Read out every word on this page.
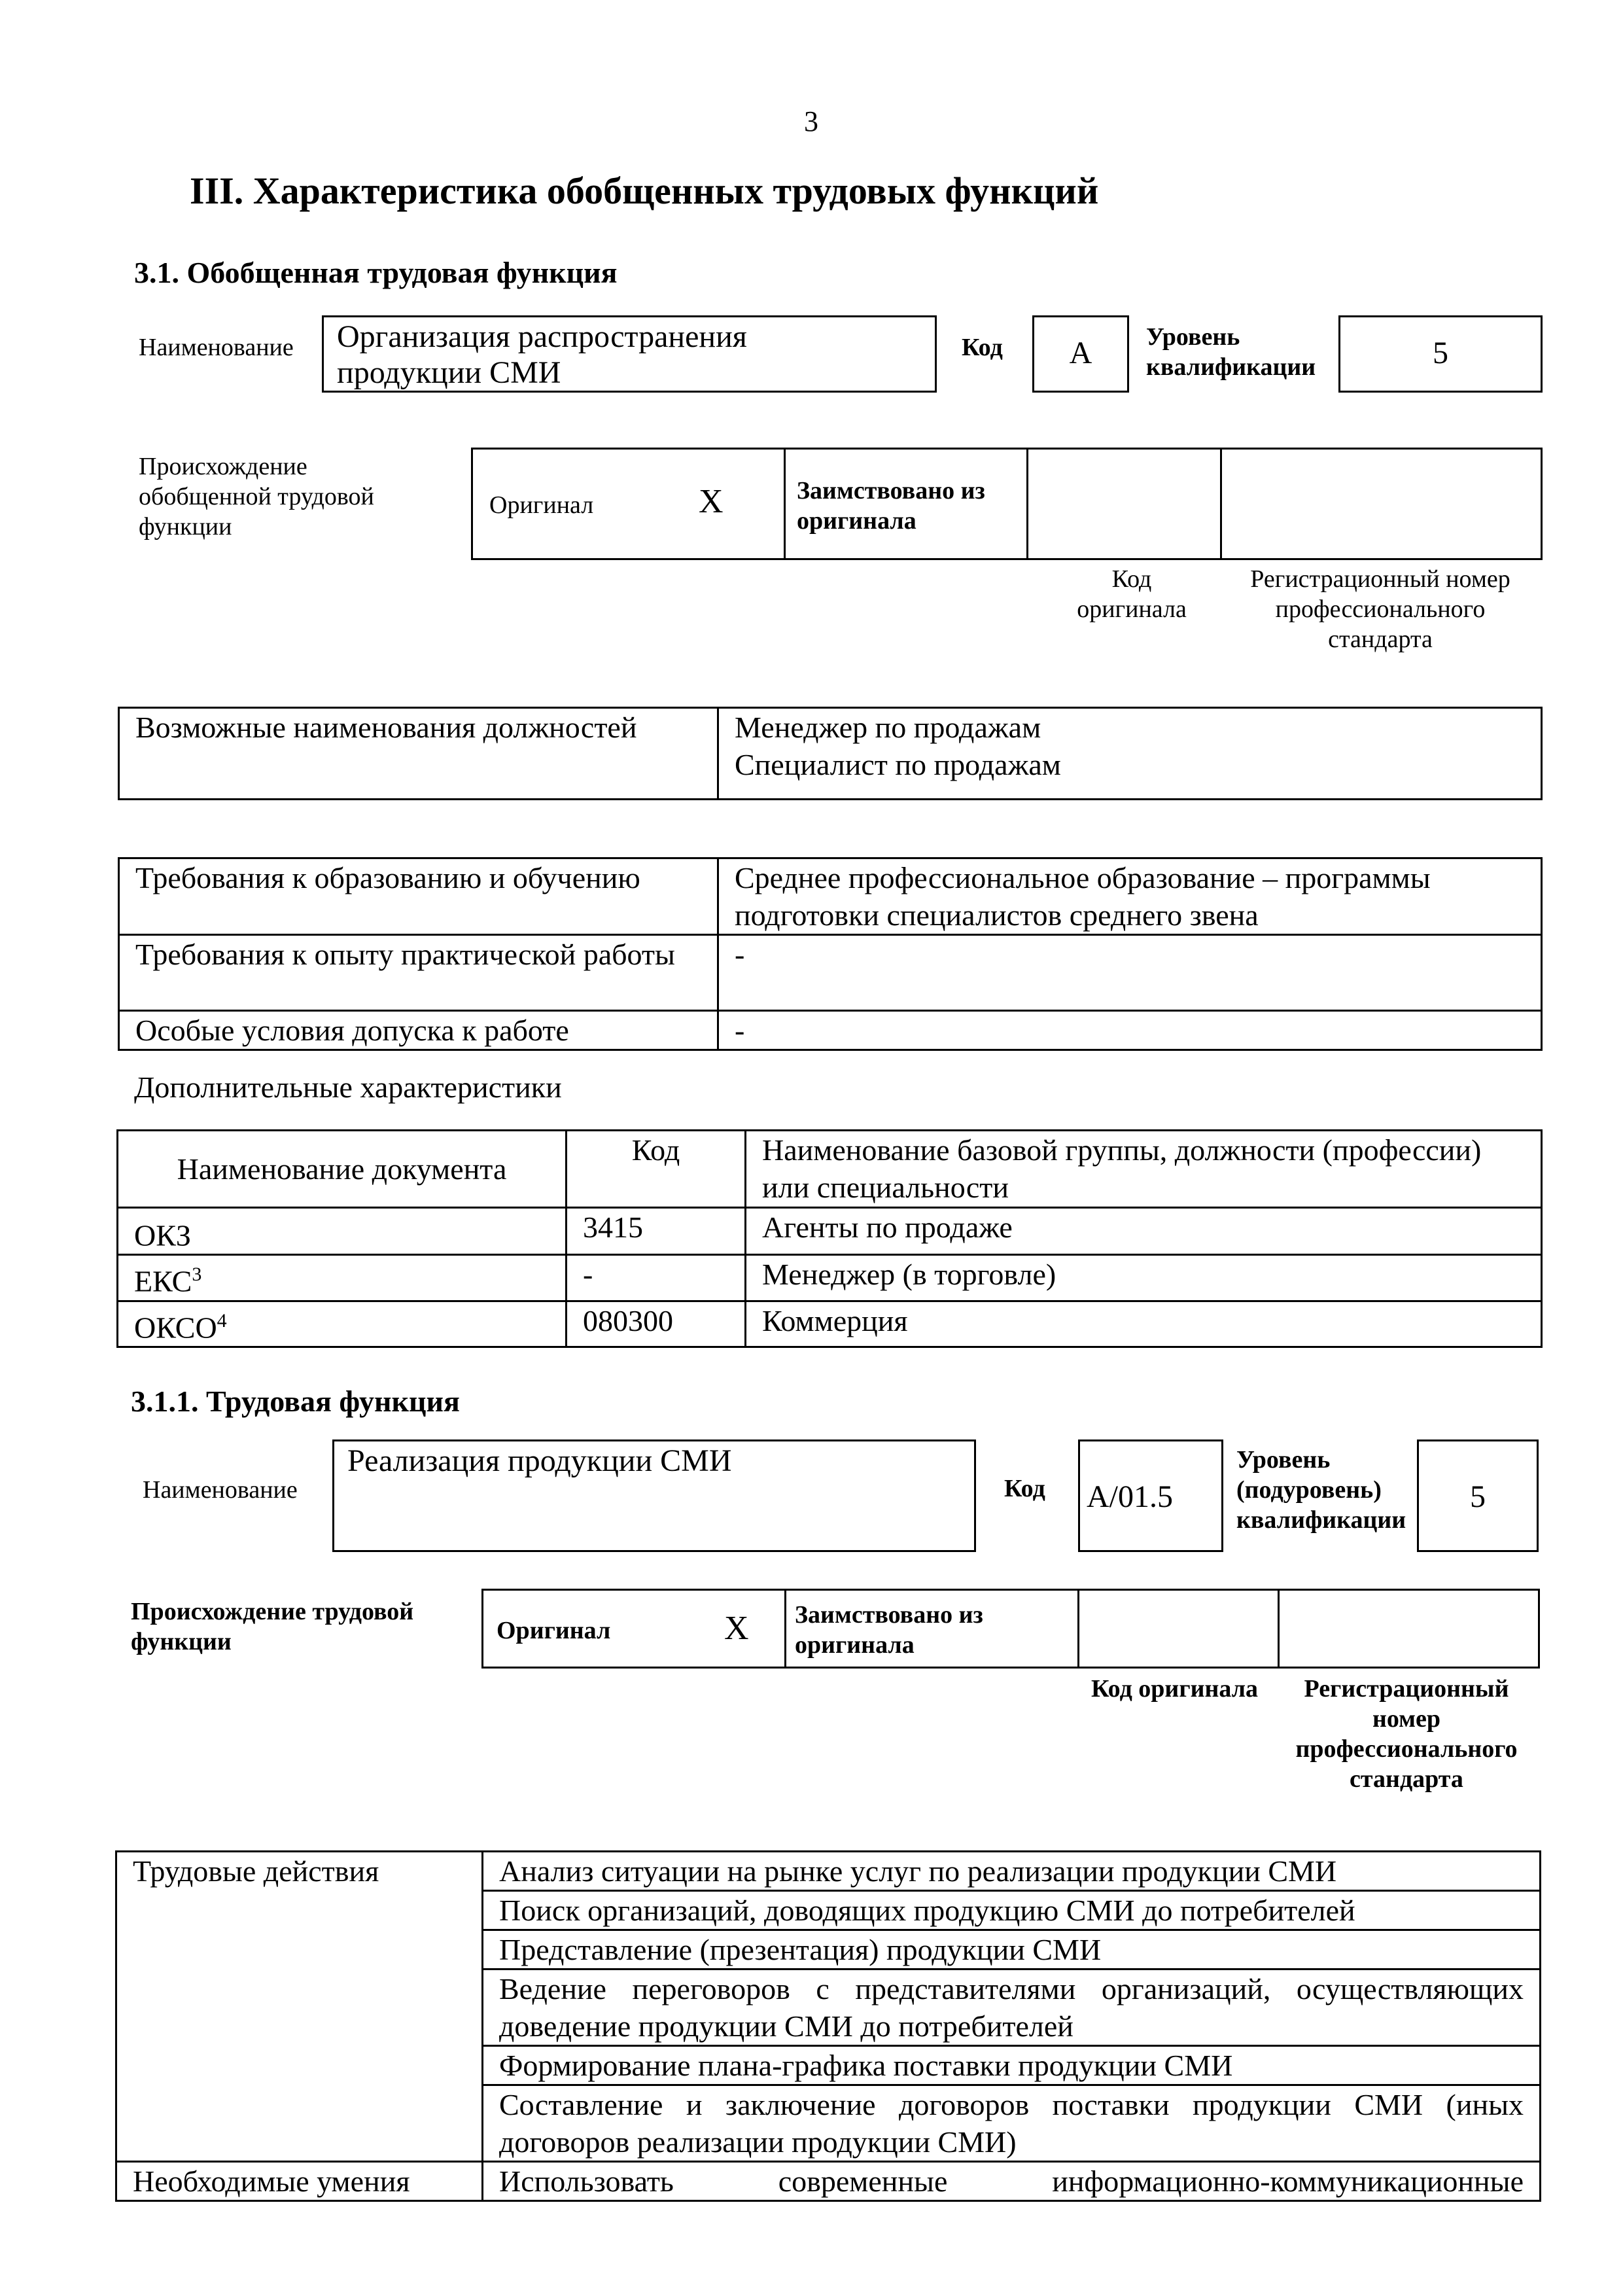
3
III. Характеристика обобщенных трудовых функций
3.1. Обобщенная трудовая функция
Наименование Организация распространения
продукции СМИ
Код	А	Уровень
квалификации	5
Происхождение
обобщенной трудовой
функции
Оригинал	X	Заимствовано из
оригинала
Код
оригинала
Регистрационный номер
профессионального
стандарта
Возможные наименования должностей	Менеджер по продажам
Специалист по продажам
Требования к образованию и обучению	Среднее профессиональное образование – программы подготовки специалистов среднего звена
Требования к опыту практической работы	-
Особые условия допуска к работе	-
Дополнительные характеристики
Наименование документа	Код	Наименование базовой группы, должности (профессии) или специальности
ОКЗ	3415	Агенты по продаже
ЕКС$^3$	-	Менеджер (в торговле)
ОКСО$^4$	080300	Коммерция
3.1.1. Трудовая функция
Наименование
Реализация продукции СМИ
Код A/01.5
Уровень
(подуровень)
квалификации
5
Происхождение трудовой
функции	Оригинал	X Заимствовано из
оригинала
Код оригинала	Регистрационный
номер
профессионального
стандарта
Трудовые действия	Анализ ситуации на рынке услуг по реализации продукции СМИ
	Поиск организаций, доводящих продукцию СМИ до потребителей
	Представление (презентация) продукции СМИ
	Ведение переговоров с представителями организаций, осуществляющих доведение продукции СМИ до потребителей
	Формирование плана-графика поставки продукции СМИ
	Составление и заключение договоров поставки продукции СМИ (иных договоров реализации продукции СМИ)
Необходимые умения	Использовать современные информационно-коммуникационные
